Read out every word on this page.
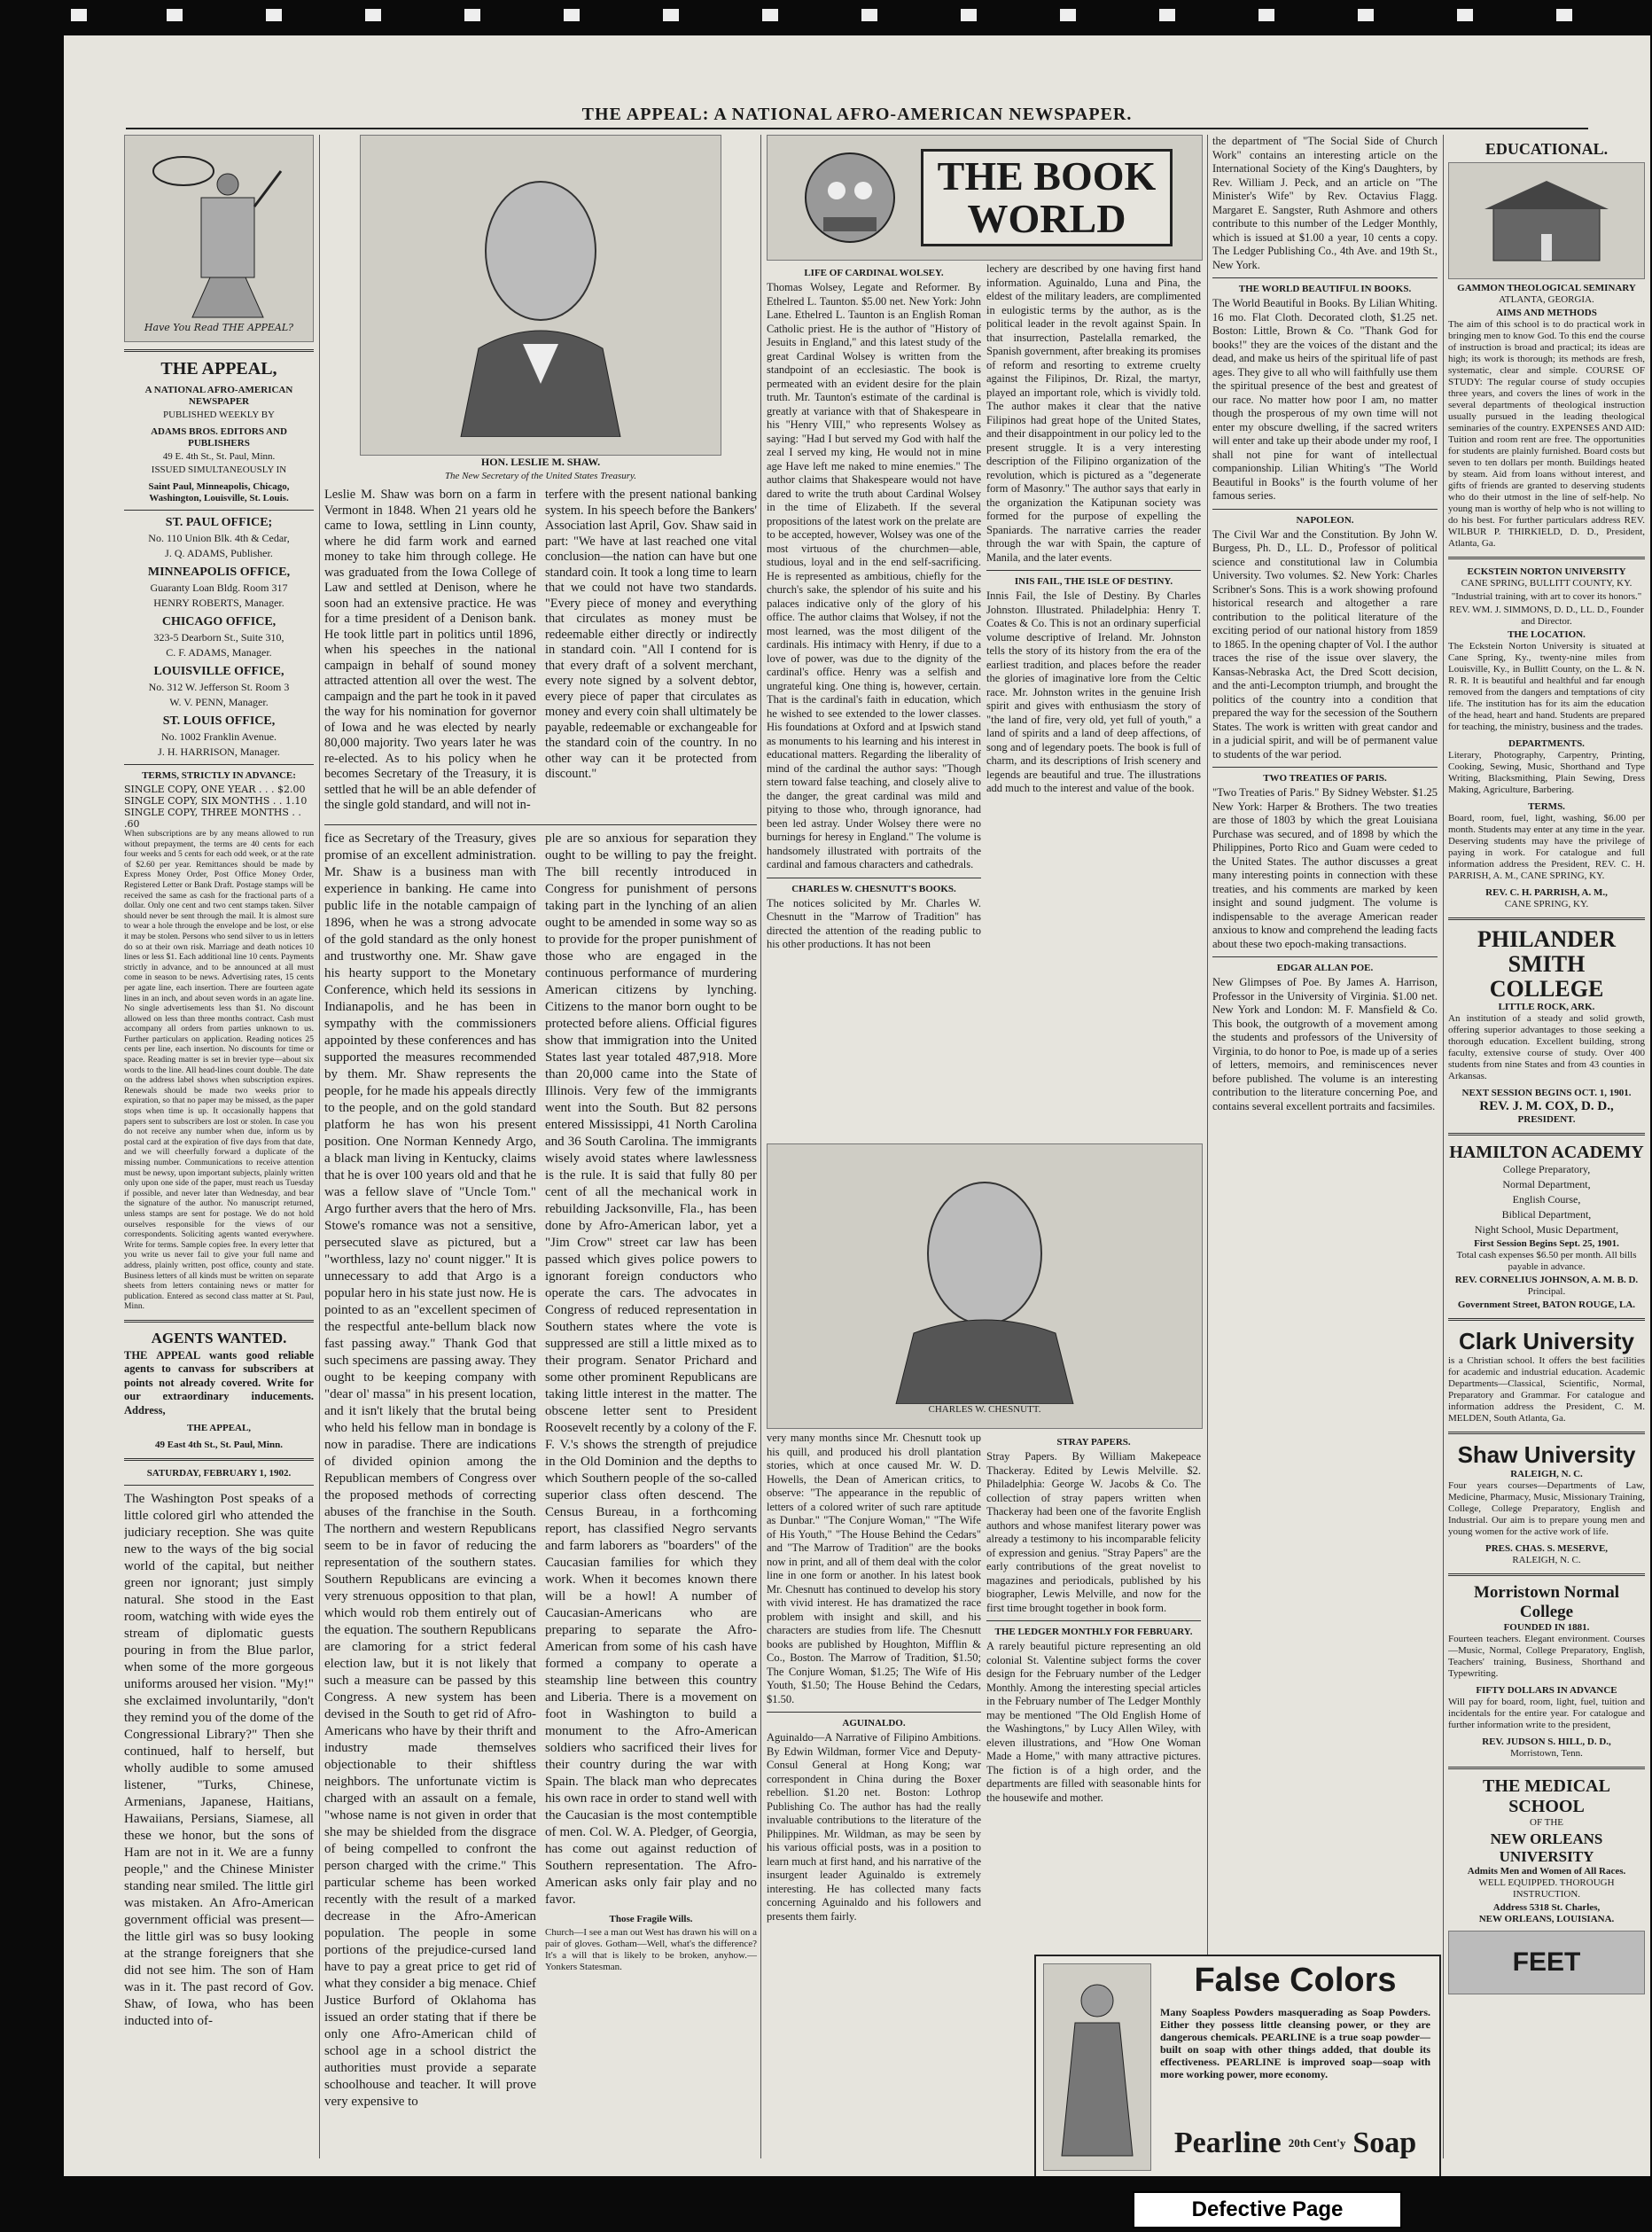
THE APPEAL: A NATIONAL AFRO-AMERICAN NEWSPAPER.
Have You Read THE APPEAL?
THE APPEAL,
A NATIONAL AFRO-AMERICAN NEWSPAPER
PUBLISHED WEEKLY BY
ADAMS BROS. EDITORS AND PUBLISHERS
49 E. 4th St., St. Paul, Minn.
ISSUED SIMULTANEOUSLY IN
Saint Paul, Minneapolis, Chicago, Washington, Louisville, St. Louis.
ST. PAUL OFFICE;
No. 110 Union Blk. 4th & Cedar,
J. Q. ADAMS, Publisher.
MINNEAPOLIS OFFICE,
Guaranty Loan Bldg. Room 317
HENRY ROBERTS, Manager.
CHICAGO OFFICE,
323-5 Dearborn St., Suite 310,
C. F. ADAMS, Manager.
LOUISVILLE OFFICE,
No. 312 W. Jefferson St. Room 3
W. V. PENN, Manager.
ST. LOUIS OFFICE,
No. 1002 Franklin Avenue.
J. H. HARRISON, Manager.
TERMS, STRICTLY IN ADVANCE:
SINGLE COPY, ONE YEAR . . . $2.00
SINGLE COPY, SIX MONTHS . . 1.10
SINGLE COPY, THREE MONTHS . . .60

When subscriptions are by any means allowed to run without prepayment, the terms are 40 cents for each four weeks and 5 cents for each odd week, or at the rate of $2.60 per year. Remittances should be made by Express Money Order, Post Office Money Order, Registered Letter or Bank Draft. Postage stamps will be received the same as cash for the fractional parts of a dollar. Only one cent and two cent stamps taken. Silver should never be sent through the mail. It is almost sure to wear a hole through the envelope and be lost, or else it may be stolen. Persons who send silver to us in letters do so at their own risk. Marriage and death notices 10 lines or less $1. Each additional line 10 cents. Payments strictly in advance, and to be announced at all must come in season to be news. Advertising rates, 15 cents per agate line, each insertion. There are fourteen agate lines in an inch, and about seven words in an agate line. No single advertisements less than $1. No discount allowed on less than three months contract. Cash must accompany all orders from parties unknown to us. Further particulars on application. Reading notices 25 cents per line, each insertion. No discounts for time or space. Reading matter is set in brevier type—about six words to the line. All head-lines count double. The date on the address label shows when subscription expires. Renewals should be made two weeks prior to expiration, so that no paper may be missed, as the paper stops when time is up. It occasionally happens that papers sent to subscribers are lost or stolen. In case you do not receive any number when due, inform us by postal card at the expiration of five days from that date, and we will cheerfully forward a duplicate of the missing number. Communications to receive attention must be newsy, upon important subjects, plainly written only upon one side of the paper, must reach us Tuesday if possible, and never later than Wednesday, and bear the signature of the author. No manuscript returned, unless stamps are sent for postage. We do not hold ourselves responsible for the views of our correspondents. Soliciting agents wanted everywhere. Write for terms. Sample copies free. In every letter that you write us never fail to give your full name and address, plainly written, post office, county and state. Business letters of all kinds must be written on separate sheets from letters containing news or matter for publication. Entered as second class matter at St. Paul, Minn.

AGENTS WANTED.

THE APPEAL wants good reliable agents to canvass for subscribers at points not already covered. Write for our extraordinary inducements. Address,

THE APPEAL,
49 East 4th St., St. Paul, Minn.
SATURDAY, FEBRUARY 1, 1902.

The Washington Post speaks of a little colored girl who attended the judiciary reception. She was quite new to the ways of the big social world of the capital, but neither green nor ignorant; just simply natural. She stood in the East room, watching with wide eyes the stream of diplomatic guests pouring in from the Blue parlor, when some of the more gorgeous uniforms aroused her vision. "My!" she exclaimed involuntarily, "don't they remind you of the dome of the Congressional Library?" Then she continued, half to herself, but wholly audible to some amused listener, "Turks, Chinese, Armenians, Japanese, Haitians, Hawaiians, Persians, Siamese, all these we honor, but the sons of Ham are not in it. We are a funny people," and the Chinese Minister standing near smiled. The little girl was mistaken. An Afro-American government official was present—the little girl was so busy looking at the strange foreigners that she did not see him. The son of Ham was in it. The past record of Gov. Shaw, of Iowa, who has been inducted into of-

HON. LESLIE M. SHAW.
The New Secretary of the United States Treasury.

Leslie M. Shaw was born on a farm in Vermont in 1848. When 21 years old he came to Iowa, settling in Linn county, where he did farm work and earned money to take him through college. He was graduated from the Iowa College of Law and settled at Denison, where he soon had an extensive practice. He was for a time president of a Denison bank. He took little part in politics until 1896, when his speeches in the national campaign in behalf of sound money attracted attention all over the west. The campaign and the part he took in it paved the way for his nomination for governor of Iowa and he was elected by nearly 80,000 majority. Two years later he was re-elected. As to his policy when he becomes Secretary of the Treasury, it is settled that he will be an able defender of the single gold standard, and will not in-

terfere with the present national banking system. In his speech before the Bankers' Association last April, Gov. Shaw said in part: "We have at last reached one vital conclusion—the nation can have but one standard coin. It took a long time to learn that we could not have two standards. "Every piece of money and everything that circulates as money must be redeemable either directly or indirectly in standard coin. "All I contend for is that every draft of a solvent merchant, every note signed by a solvent debtor, every piece of paper that circulates as money and every coin shall ultimately be payable, redeemable or exchangeable for the standard coin of the country. In no other way can it be protected from discount."

fice as Secretary of the Treasury, gives promise of an excellent administration. Mr. Shaw is a business man with experience in banking. He came into public life in the notable campaign of 1896, when he was a strong advocate of the gold standard as the only honest and trustworthy one. Mr. Shaw gave his hearty support to the Monetary Conference, which held its sessions in Indianapolis, and he has been in sympathy with the commissioners appointed by these conferences and has supported the measures recommended by them. Mr. Shaw represents the people, for he made his appeals directly to the people, and on the gold standard platform he has won his present position. One Norman Kennedy Argo, a black man living in Kentucky, claims that he is over 100 years old and that he was a fellow slave of "Uncle Tom." Argo further avers that the hero of Mrs. Stowe's romance was not a sensitive, persecuted slave as pictured, but a "worthless, lazy no' count nigger." It is unnecessary to add that Argo is a popular hero in his state just now. He is pointed to as an "excellent specimen of the respectful ante-bellum black now fast passing away." Thank God that such specimens are passing away. They ought to be keeping company with "dear ol' massa" in his present location, and it isn't likely that the brutal being who held his fellow man in bondage is now in paradise. There are indications of divided opinion among the Republican members of Congress over the proposed methods of correcting abuses of the franchise in the South. The northern and western Republicans seem to be in favor of reducing the representation of the southern states. Southern Republicans are evincing a very strenuous opposition to that plan, which would rob them entirely out of the equation. The southern Republicans are clamoring for a strict federal election law, but it is not likely that such a measure can be passed by this Congress. A new system has been devised in the South to get rid of Afro-Americans who have by their thrift and industry made themselves objectionable to their shiftless neighbors. The unfortunate victim is charged with an assault on a female, "whose name is not given in order that she may be shielded from the disgrace of being compelled to confront the person charged with the crime." This particular scheme has been worked recently with the result of a marked decrease in the Afro-American population. The people in some portions of the prejudice-cursed land have to pay a great price to get rid of what they consider a big menace. Chief Justice Burford of Oklahoma has issued an order stating that if there be only one Afro-American child of school age in a school district the authorities must provide a separate schoolhouse and teacher. It will prove very expensive to

ple are so anxious for separation they ought to be willing to pay the freight. The bill recently introduced in Congress for punishment of persons taking part in the lynching of an alien ought to be amended in some way so as to provide for the proper punishment of those who are engaged in the continuous performance of murdering American citizens by lynching. Citizens to the manor born ought to be protected before aliens. Official figures show that immigration into the United States last year totaled 487,918. More than 20,000 came into the State of Illinois. Very few of the immigrants went into the South. But 82 persons entered Mississippi, 41 North Carolina and 36 South Carolina. The immigrants wisely avoid states where lawlessness is the rule. It is said that fully 80 per cent of all the mechanical work in rebuilding Jacksonville, Fla., has been done by Afro-American labor, yet a "Jim Crow" street car law has been passed which gives police powers to ignorant foreign conductors who operate the cars. The advocates in Congress of reduced representation in Southern states where the vote is suppressed are still a little mixed as to their program. Senator Prichard and some other prominent Republicans are taking little interest in the matter. The obscene letter sent to President Roosevelt recently by a colony of the F. F. V.'s shows the strength of prejudice in the Old Dominion and the depths to which Southern people of the so-called superior class often descend. The Census Bureau, in a forthcoming report, has classified Negro servants and farm laborers as "boarders" of the Caucasian families for which they work. When it becomes known there will be a howl! A number of Caucasian-Americans who are preparing to separate the Afro-American from some of his cash have formed a company to operate a steamship line between this country and Liberia. There is a movement on foot in Washington to build a monument to the Afro-American soldiers who sacrificed their lives for their country during the war with Spain. The black man who deprecates his own race in order to stand well with the Caucasian is the most contemptible of men. Col. W. A. Pledger, of Georgia, has come out against reduction of Southern representation. The Afro-American asks only fair play and no favor.

Those Fragile Wills.

Church—I see a man out West has drawn his will on a pair of gloves. Gotham—Well, what's the difference? It's a will that is likely to be broken, anyhow.—Yonkers Statesman.

THE BOOK
WORLD
LIFE OF CARDINAL WOLSEY.

Thomas Wolsey, Legate and Reformer. By Ethelred L. Taunton. $5.00 net. New York: John Lane. Ethelred L. Taunton is an English Roman Catholic priest. He is the author of "History of Jesuits in England," and this latest study of the great Cardinal Wolsey is written from the standpoint of an ecclesiastic. The book is permeated with an evident desire for the plain truth. Mr. Taunton's estimate of the cardinal is greatly at variance with that of Shakespeare in his "Henry VIII," who represents Wolsey as saying: "Had I but served my God with half the zeal I served my king, He would not in mine age Have left me naked to mine enemies." The author claims that Shakespeare would not have dared to write the truth about Cardinal Wolsey in the time of Elizabeth. If the several propositions of the latest work on the prelate are to be accepted, however, Wolsey was one of the most virtuous of the churchmen—able, studious, loyal and in the end self-sacrificing. He is represented as ambitious, chiefly for the church's sake, the splendor of his suite and his palaces indicative only of the glory of his office. The author claims that Wolsey, if not the most learned, was the most diligent of the cardinals. His intimacy with Henry, if due to a love of power, was due to the dignity of the cardinal's office. Henry was a selfish and ungrateful king. One thing is, however, certain. That is the cardinal's faith in education, which he wished to see extended to the lower classes. His foundations at Oxford and at Ipswich stand as monuments to his learning and his interest in educational matters. Regarding the liberality of mind of the cardinal the author says: "Though stern toward false teaching, and closely alive to the danger, the great cardinal was mild and pitying to those who, through ignorance, had been led astray. Under Wolsey there were no burnings for heresy in England." The volume is handsomely illustrated with portraits of the cardinal and famous characters and cathedrals.

CHARLES W. CHESNUTT'S BOOKS.

The notices solicited by Mr. Charles W. Chesnutt in the "Marrow of Tradition" has directed the attention of the reading public to his other productions. It has not been

CHARLES W. CHESNUTT.

very many months since Mr. Chesnutt took up his quill, and produced his droll plantation stories, which at once caused Mr. W. D. Howells, the Dean of American critics, to observe: "The appearance in the republic of letters of a colored writer of such rare aptitude as Dunbar." "The Conjure Woman," "The Wife of His Youth," "The House Behind the Cedars" and "The Marrow of Tradition" are the books now in print, and all of them deal with the color line in one form or another. In his latest book Mr. Chesnutt has continued to develop his story with vivid interest. He has dramatized the race problem with insight and skill, and his characters are studies from life. The Chesnutt books are published by Houghton, Mifflin & Co., Boston. The Marrow of Tradition, $1.50; The Conjure Woman, $1.25; The Wife of His Youth, $1.50; The House Behind the Cedars, $1.50.

AGUINALDO.

Aguinaldo—A Narrative of Filipino Ambitions. By Edwin Wildman, former Vice and Deputy-Consul General at Hong Kong; war correspondent in China during the Boxer rebellion. $1.20 net. Boston: Lothrop Publishing Co. The author has had the really invaluable contributions to the literature of the Philippines. Mr. Wildman, as may be seen by his various official posts, was in a position to learn much at first hand, and his narrative of the insurgent leader Aguinaldo is extremely interesting. He has collected many facts concerning Aguinaldo and his followers and presents them fairly.

lechery are described by one having first hand information. Aguinaldo, Luna and Pina, the eldest of the military leaders, are complimented in eulogistic terms by the author, as is the political leader in the revolt against Spain. In that insurrection, Pastelalla remarked, the Spanish government, after breaking its promises of reform and resorting to extreme cruelty against the Filipinos, Dr. Rizal, the martyr, played an important role, which is vividly told. The author makes it clear that the native Filipinos had great hope of the United States, and their disappointment in our policy led to the present struggle. It is a very interesting description of the Filipino organization of the revolution, which is pictured as a "degenerate form of Masonry." The author says that early in the organization the Katipunan society was formed for the purpose of expelling the Spaniards. The narrative carries the reader through the war with Spain, the capture of Manila, and the later events.

INIS FAIL, THE ISLE OF DESTINY.

Innis Fail, the Isle of Destiny. By Charles Johnston. Illustrated. Philadelphia: Henry T. Coates & Co. This is not an ordinary superficial volume descriptive of Ireland. Mr. Johnston tells the story of its history from the era of the earliest tradition, and places before the reader the glories of imaginative lore from the Celtic race. Mr. Johnston writes in the genuine Irish spirit and gives with enthusiasm the story of "the land of fire, very old, yet full of youth," a land of spirits and a land of deep affections, of song and of legendary poets. The book is full of charm, and its descriptions of Irish scenery and legends are beautiful and true. The illustrations add much to the interest and value of the book.

STRAY PAPERS.

Stray Papers. By William Makepeace Thackeray. Edited by Lewis Melville. $2. Philadelphia: George W. Jacobs & Co. The collection of stray papers written when Thackeray had been one of the favorite English authors and whose manifest literary power was already a testimony to his incomparable felicity of expression and genius. "Stray Papers" are the early contributions of the great novelist to magazines and periodicals, published by his biographer, Lewis Melville, and now for the first time brought together in book form.

THE LEDGER MONTHLY FOR FEBRUARY.

A rarely beautiful picture representing an old colonial St. Valentine subject forms the cover design for the February number of the Ledger Monthly. Among the interesting special articles in the February number of The Ledger Monthly may be mentioned "The Old English Home of the Washingtons," by Lucy Allen Wiley, with eleven illustrations, and "How One Woman Made a Home," with many attractive pictures. The fiction is of a high order, and the departments are filled with seasonable hints for the housewife and mother.

the department of "The Social Side of Church Work" contains an interesting article on the International Society of the King's Daughters, by Rev. William J. Peck, and an article on "The Minister's Wife" by Rev. Octavius Flagg. Margaret E. Sangster, Ruth Ashmore and others contribute to this number of the Ledger Monthly, which is issued at $1.00 a year, 10 cents a copy. The Ledger Publishing Co., 4th Ave. and 19th St., New York.

THE WORLD BEAUTIFUL IN BOOKS.

The World Beautiful in Books. By Lilian Whiting. 16 mo. Flat Cloth. Decorated cloth, $1.25 net. Boston: Little, Brown & Co. "Thank God for books!" they are the voices of the distant and the dead, and make us heirs of the spiritual life of past ages. They give to all who will faithfully use them the spiritual presence of the best and greatest of our race. No matter how poor I am, no matter though the prosperous of my own time will not enter my obscure dwelling, if the sacred writers will enter and take up their abode under my roof, I shall not pine for want of intellectual companionship. Lilian Whiting's "The World Beautiful in Books" is the fourth volume of her famous series.

NAPOLEON.

The Civil War and the Constitution. By John W. Burgess, Ph. D., LL. D., Professor of political science and constitutional law in Columbia University. Two volumes. $2. New York: Charles Scribner's Sons. This is a work showing profound historical research and altogether a rare contribution to the political literature of the exciting period of our national history from 1859 to 1865. In the opening chapter of Vol. I the author traces the rise of the issue over slavery, the Kansas-Nebraska Act, the Dred Scott decision, and the anti-Lecompton triumph, and brought the politics of the country into a condition that prepared the way for the secession of the Southern States. The work is written with great candor and in a judicial spirit, and will be of permanent value to students of the war period.

TWO TREATIES OF PARIS.

"Two Treaties of Paris." By Sidney Webster. $1.25 New York: Harper & Brothers. The two treaties are those of 1803 by which the great Louisiana Purchase was secured, and of 1898 by which the Philippines, Porto Rico and Guam were ceded to the United States. The author discusses a great many interesting points in connection with these treaties, and his comments are marked by keen insight and sound judgment. The volume is indispensable to the average American reader anxious to know and comprehend the leading facts about these two epoch-making transactions.

EDGAR ALLAN POE.

New Glimpses of Poe. By James A. Harrison, Professor in the University of Virginia. $1.00 net. New York and London: M. F. Mansfield & Co. This book, the outgrowth of a movement among the students and professors of the University of Virginia, to do honor to Poe, is made up of a series of letters, memoirs, and reminiscences never before published. The volume is an interesting contribution to the literature concerning Poe, and contains several excellent portraits and facsimiles.

False Colors

Many Soapless Powders masquerading as Soap Powders. Either they possess little cleansing power, or they are dangerous chemicals. PEARLINE is a true soap powder—built on soap with other things added, that double its effectiveness. PEARLINE is improved soap—soap with more working power, more economy.

Pearline 20th Cent'y Soap
EDUCATIONAL.
GAMMON THEOLOGICAL SEMINARY
ATLANTA, GEORGIA.
AIMS AND METHODS

The aim of this school is to do practical work in bringing men to know God. To this end the course of instruction is broad and practical; its ideas are high; its work is thorough; its methods are fresh, systematic, clear and simple. COURSE OF STUDY: The regular course of study occupies three years, and covers the lines of work in the several departments of theological instruction usually pursued in the leading theological seminaries of the country. EXPENSES AND AID: Tuition and room rent are free. The opportunities for students are plainly furnished. Board costs but seven to ten dollars per month. Buildings heated by steam. Aid from loans without interest, and gifts of friends are granted to deserving students who do their utmost in the line of self-help. No young man is worthy of help who is not willing to do his best. For further particulars address REV. WILBUR P. THIRKIELD, D. D., President, Atlanta, Ga.

ECKSTEIN NORTON UNIVERSITY
CANE SPRING, BULLITT COUNTY, KY.
"Industrial training, with art to cover its honors."
REV. WM. J. SIMMONS, D. D., LL. D., Founder and Director.
THE LOCATION.

The Eckstein Norton University is situated at Cane Spring, Ky., twenty-nine miles from Louisville, Ky., in Bullitt County, on the L. & N. R. R. It is beautiful and healthful and far enough removed from the dangers and temptations of city life. The institution has for its aim the education of the head, heart and hand. Students are prepared for teaching, the ministry, business and the trades.

DEPARTMENTS.

Literary, Photography, Carpentry, Printing, Cooking, Sewing, Music, Shorthand and Type Writing, Blacksmithing, Plain Sewing, Dress Making, Agriculture, Barbering.

TERMS.

Board, room, fuel, light, washing, $6.00 per month. Students may enter at any time in the year. Deserving students may have the privilege of paying in work. For catalogue and full information address the President, REV. C. H. PARRISH, A. M., CANE SPRING, KY.

REV. C. H. PARRISH, A. M.,
CANE SPRING, KY.
PHILANDER SMITH
COLLEGE
LITTLE ROCK, ARK.

An institution of a steady and solid growth, offering superior advantages to those seeking a thorough education. Excellent building, strong faculty, extensive course of study. Over 400 students from nine States and from 43 counties in Arkansas.

NEXT SESSION BEGINS OCT. 1, 1901.
REV. J. M. COX, D. D.,
PRESIDENT.
HAMILTON ACADEMY
College Preparatory,
Normal Department,
English Course,
Biblical Department,
Night School, Music Department,
First Session Begins Sept. 25, 1901.
Total cash expenses $6.50 per month. All bills payable in advance.
REV. CORNELIUS JOHNSON, A. M. B. D.
Principal.
Government Street, BATON ROUGE, LA.
Clark University

is a Christian school. It offers the best facilities for academic and industrial education. Academic Departments—Classical, Scientific, Normal, Preparatory and Grammar. For catalogue and information address the President, C. M. MELDEN, South Atlanta, Ga.

Shaw University
RALEIGH, N. C.

Four years courses—Departments of Law, Medicine, Pharmacy, Music, Missionary Training, College, College Preparatory, English and Industrial. Our aim is to prepare young men and young women for the active work of life.

PRES. CHAS. S. MESERVE,
RALEIGH, N. C.
Morristown Normal College
FOUNDED IN 1881.

Fourteen teachers. Elegant environment. Courses—Music, Normal, College Preparatory, English, Teachers' training, Business, Shorthand and Typewriting.

FIFTY DOLLARS IN ADVANCE

Will pay for board, room, light, fuel, tuition and incidentals for the entire year. For catalogue and further information write to the president,

REV. JUDSON S. HILL, D. D.,
Morristown, Tenn.
THE MEDICAL SCHOOL
OF THE
NEW ORLEANS UNIVERSITY
Admits Men and Women of All Races.
WELL EQUIPPED. THOROUGH INSTRUCTION.
Address 5318 St. Charles,
NEW ORLEANS, LOUISIANA.
FEET
Defective Page
